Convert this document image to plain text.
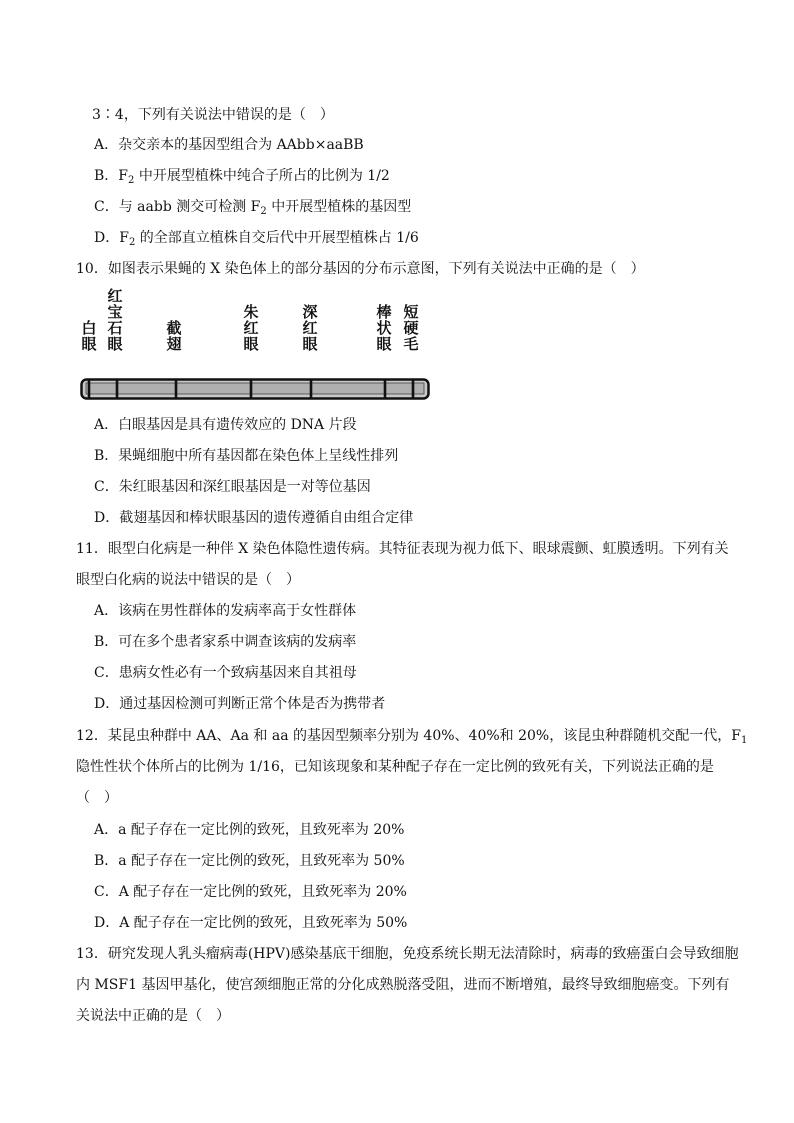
3∶4，下列有关说法中错误的是（　）
A．杂交亲本的基因型组合为 AAbb×aaBB
B．$F_2$ 中开展型植株中纯合子所占的比例为 1/2
C．与 aabb 测交可检测 $F_2$ 中开展型植株的基因型
D．$F_2$ 的全部直立植株自交后代中开展型植株占 1/6
10．如图表示果蝇的 X 染色体上的部分基因的分布示意图，下列有关说法中正确的是（　）
白眼
红宝石眼
截翅
朱红眼
深红眼
棒状眼
短硬毛
A．白眼基因是具有遗传效应的 DNA 片段
B．果蝇细胞中所有基因都在染色体上呈线性排列
C．朱红眼基因和深红眼基因是一对等位基因
D．截翅基因和棒状眼基因的遗传遵循自由组合定律
11．眼型白化病是一种伴 X 染色体隐性遗传病。其特征表现为视力低下、眼球震颤、虹膜透明。下列有关
眼型白化病的说法中错误的是（　）
A．该病在男性群体的发病率高于女性群体
B．可在多个患者家系中调查该病的发病率
C．患病女性必有一个致病基因来自其祖母
D．通过基因检测可判断正常个体是否为携带者
12．某昆虫种群中 AA、Aa 和 aa 的基因型频率分别为 40%、40%和 20%，该昆虫种群随机交配一代，$F_1$
隐性性状个体所占的比例为 1/16，已知该现象和某种配子存在一定比例的致死有关，下列说法正确的是
（　）
A．a 配子存在一定比例的致死，且致死率为 20%
B．a 配子存在一定比例的致死，且致死率为 50%
C．A 配子存在一定比例的致死，且致死率为 20%
D．A 配子存在一定比例的致死，且致死率为 50%
13．研究发现人乳头瘤病毒(HPV)感染基底干细胞，免疫系统长期无法清除时，病毒的致癌蛋白会导致细胞
内 MSF1 基因甲基化，使宫颈细胞正常的分化成熟脱落受阻，进而不断增殖，最终导致细胞癌变。下列有
关说法中正确的是（　）
